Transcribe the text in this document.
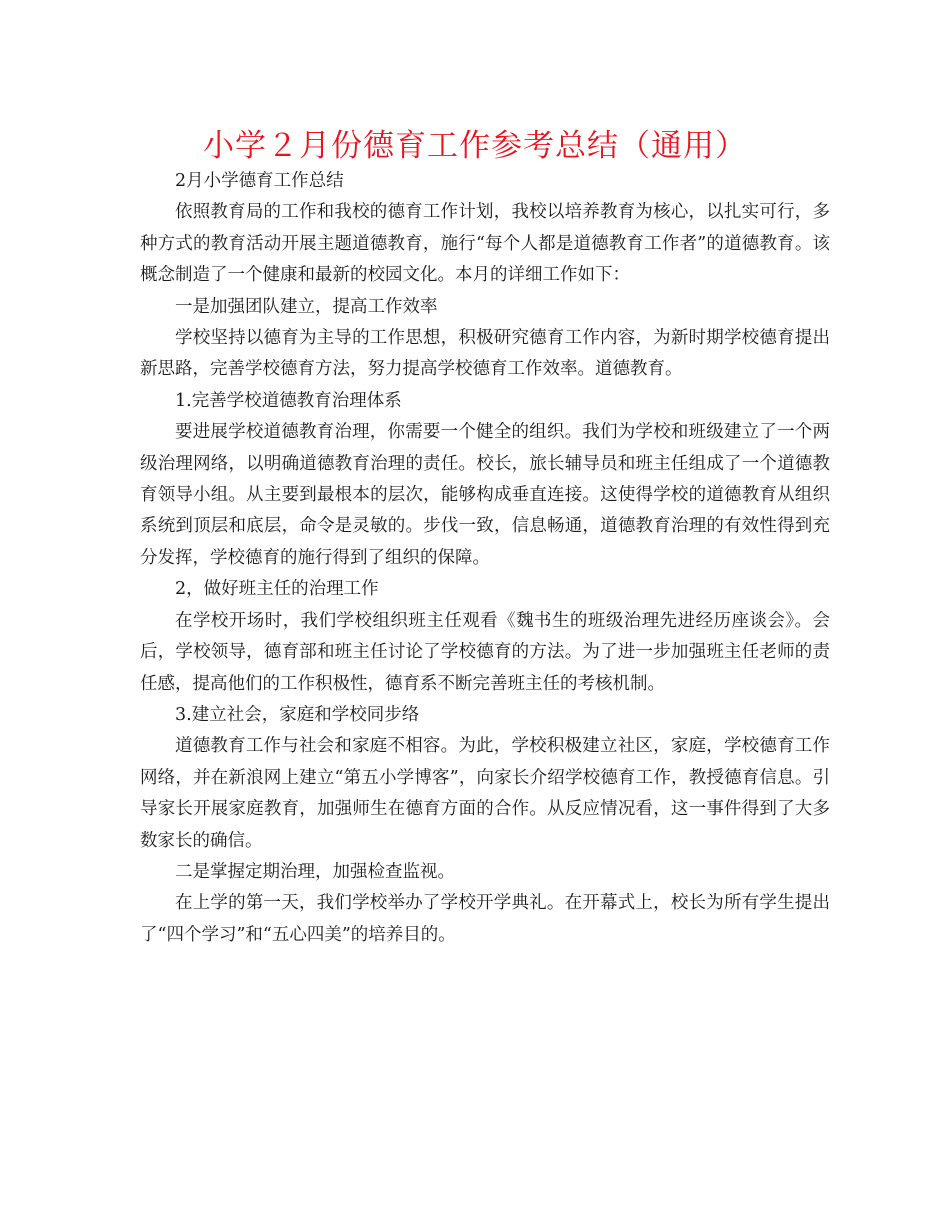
小学２月份德育工作参考总结（通用）

2月小学德育工作总结

依照教育局的工作和我校的德育工作计划，我校以培养教育为核心，以扎实可行，多种方式的教育活动开展主题道德教育，施行“每个人都是道德教育工作者”的道德教育。该概念制造了一个健康和最新的校园文化。本月的详细工作如下：

一是加强团队建立，提高工作效率

学校坚持以德育为主导的工作思想，积极研究德育工作内容，为新时期学校德育提出新思路，完善学校德育方法，努力提高学校德育工作效率。道德教育。

1.完善学校道德教育治理体系

要进展学校道德教育治理，你需要一个健全的组织。我们为学校和班级建立了一个两级治理网络，以明确道德教育治理的责任。校长，旅长辅导员和班主任组成了一个道德教育领导小组。从主要到最根本的层次，能够构成垂直连接。这使得学校的道德教育从组织系统到顶层和底层，命令是灵敏的。步伐一致，信息畅通，道德教育治理的有效性得到充分发挥，学校德育的施行得到了组织的保障。

2，做好班主任的治理工作

在学校开场时，我们学校组织班主任观看《魏书生的班级治理先进经历座谈会》。会后，学校领导，德育部和班主任讨论了学校德育的方法。为了进一步加强班主任老师的责任感，提高他们的工作积极性，德育系不断完善班主任的考核机制。

3.建立社会，家庭和学校同步络

道德教育工作与社会和家庭不相容。为此，学校积极建立社区，家庭，学校德育工作网络，并在新浪网上建立“第五小学博客”，向家长介绍学校德育工作，教授德育信息。引导家长开展家庭教育，加强师生在德育方面的合作。从反应情况看，这一事件得到了大多数家长的确信。

二是掌握定期治理，加强检查监视。

在上学的第一天，我们学校举办了学校开学典礼。在开幕式上，校长为所有学生提出了“四个学习”和“五心四美”的培养目的。
